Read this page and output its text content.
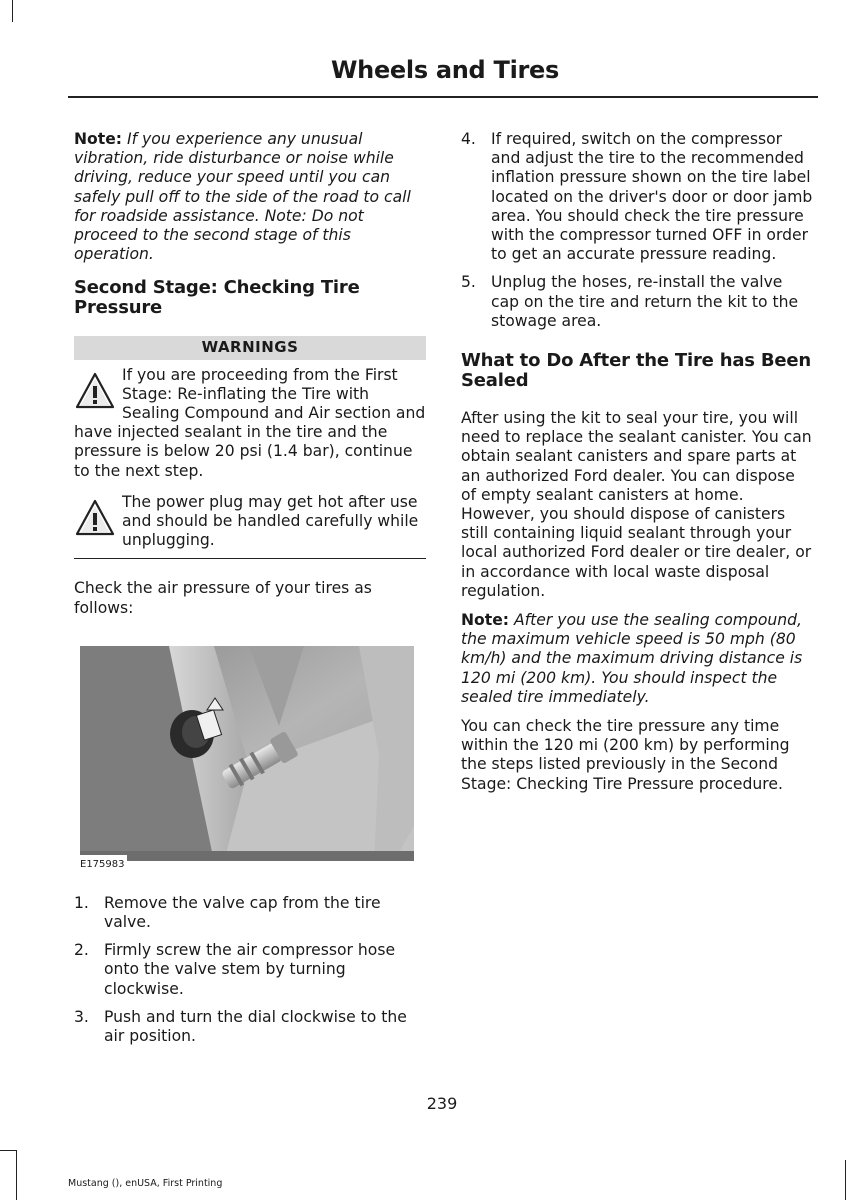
Wheels and Tires

Note: If you experience any unusual vibration, ride disturbance or noise while driving, reduce your speed until you can safely pull off to the side of the road to call for roadside assistance. Note: Do not proceed to the second stage of this operation.

Second Stage: Checking Tire Pressure
WARNINGS
If you are proceeding from the First Stage: Re-inflating the Tire with Sealing Compound and Air section and have injected sealant in the tire and the pressure is below 20 psi (1.4 bar), continue to the next step.
The power plug may get hot after use and should be handled carefully while unplugging.

Check the air pressure of your tires as follows:

E175983
1. Remove the valve cap from the tire valve.
2. Firmly screw the air compressor hose onto the valve stem by turning clockwise.
3. Push and turn the dial clockwise to the air position.
4. If required, switch on the compressor and adjust the tire to the recommended inflation pressure shown on the tire label located on the driver's door or door jamb area. You should check the tire pressure with the compressor turned OFF in order to get an accurate pressure reading.
5. Unplug the hoses, re-install the valve cap on the tire and return the kit to the stowage area.
What to Do After the Tire has Been Sealed

After using the kit to seal your tire, you will need to replace the sealant canister. You can obtain sealant canisters and spare parts at an authorized Ford dealer. You can dispose of empty sealant canisters at home. However, you should dispose of canisters still containing liquid sealant through your local authorized Ford dealer or tire dealer, or in accordance with local waste disposal regulation.

Note: After you use the sealing compound, the maximum vehicle speed is 50 mph (80 km/h) and the maximum driving distance is 120 mi (200 km). You should inspect the sealed tire immediately.

You can check the tire pressure any time within the 120 mi (200 km) by performing the steps listed previously in the Second Stage: Checking Tire Pressure procedure.

239
Mustang (), enUSA, First Printing
